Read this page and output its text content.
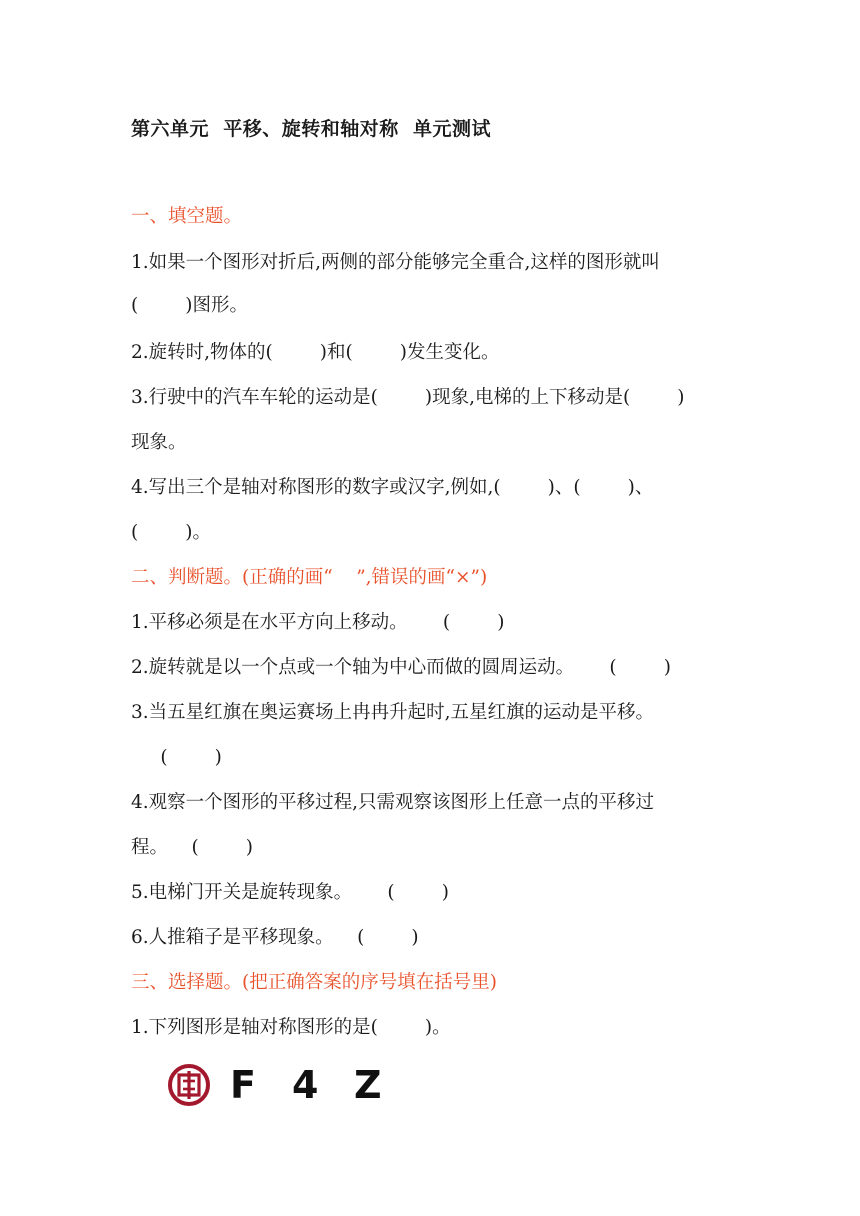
第六单元  平移、旋转和轴对称  单元测试
一、填空题。
1.如果一个图形对折后,两侧的部分能够完全重合,这样的图形就叫
(        )图形。
2.旋转时,物体的(        )和(        )发生变化。
3.行驶中的汽车车轮的运动是(        )现象,电梯的上下移动是(        )
现象。
4.写出三个是轴对称图形的数字或汉字,例如,(        )、(        )、
(        )。
二、判断题。(正确的画“    ”,错误的画“×”)
1.平移必须是在水平方向上移动。      (        )
2.旋转就是以一个点或一个轴为中心而做的圆周运动。      (        )
3.当五星红旗在奥运赛场上冉冉升起时,五星红旗的运动是平移。
(        )
4.观察一个图形的平移过程,只需观察该图形上任意一点的平移过
程。    (        )
5.电梯门开关是旋转现象。      (        )
6.人推箱子是平移现象。    (        )
三、选择题。(把正确答案的序号填在括号里)
1.下列图形是轴对称图形的是(        )。
F 4 Z
